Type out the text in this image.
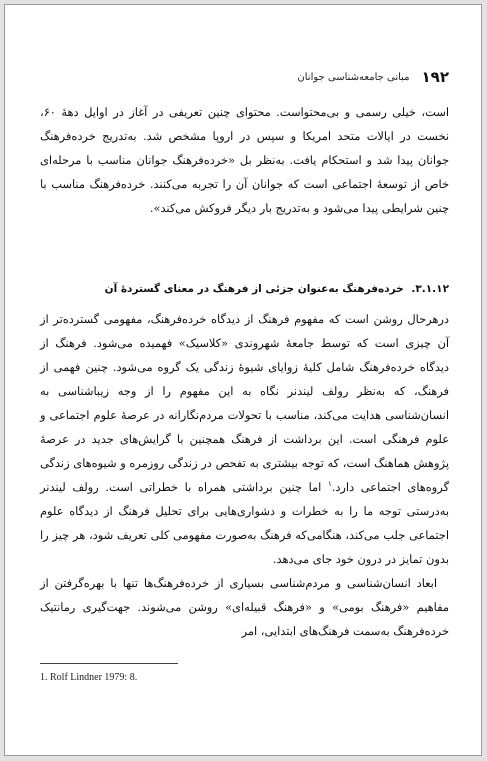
۱۹۲
مبانی جامعه‌شناسی جوانان

است، خیلی رسمی و بی‌محتواست. محتوای چنین تعریفی در آغاز در اوایل دههٔ ۶۰، نخست در ایالات متحد امریکا و سپس در اروپا مشخص شد. به‌تدریج خرده‌فرهنگ جوانان پیدا شد و استحکام یافت. به‌نظر بل «خرده‌فرهنگ جوانان مناسب با مرحله‌ای خاص از توسعهٔ اجتماعی است که جوانان آن را تجربه می‌کنند. خرده‌فرهنگ مناسب با چنین شرایطی پیدا می‌شود و به‌تدریج بار دیگر فروکش می‌کند».

۳.۱.۱۲. خرده‌فرهنگ به‌عنوان جزئی از فرهنگ در معنای گستردهٔ آن

درهرحال روشن است که مفهوم فرهنگ از دیدگاه خرده‌فرهنگ، مفهومی گسترده‌تر از آن چیزی است که توسط جامعهٔ شهروندی «کلاسیک» فهمیده می‌شود. فرهنگ از دیدگاه خرده‌فرهنگ شامل کلیهٔ زوایای شیوهٔ زندگی یک گروه می‌شود. چنین فهمی از فرهنگ، که به‌نظر رولف لیندنر نگاه به این مفهوم را از وجه زیباشناسی به انسان‌شناسی هدایت می‌کند، مناسب با تحولات مردم‌نگارانه در عرصهٔ علوم اجتماعی و علوم فرهنگی است. این برداشت از فرهنگ همچنین با گرایش‌های جدید در عرصهٔ پژوهش هماهنگ است، که توجه بیشتری به تفحص در زندگی روزمره و شیوه‌های زندگی گروه‌های اجتماعی دارد.$^۱$ اما چنین برداشتی همراه با خطراتی است. رولف لیندنر به‌درستی توجه ما را به خطرات و دشواری‌هایی برای تحلیل فرهنگ از دیدگاه علوم اجتماعی جلب می‌کند، هنگامی‌که فرهنگ به‌صورت مفهومی کلی تعریف شود، هر چیز را بدون تمایز در درون خود جای می‌دهد.

ابعاد انسان‌شناسی و مردم‌شناسی بسیاری از خرده‌فرهنگ‌ها تنها با بهره‌گرفتن از مفاهیم «فرهنگ بومی» و «فرهنگ قبیله‌ای» روشن می‌شوند. جهت‌گیری رمانتیک خرده‌فرهنگ به‌سمت فرهنگ‌های ابتدایی، امر

1. Rolf Lindner 1979: 8.
